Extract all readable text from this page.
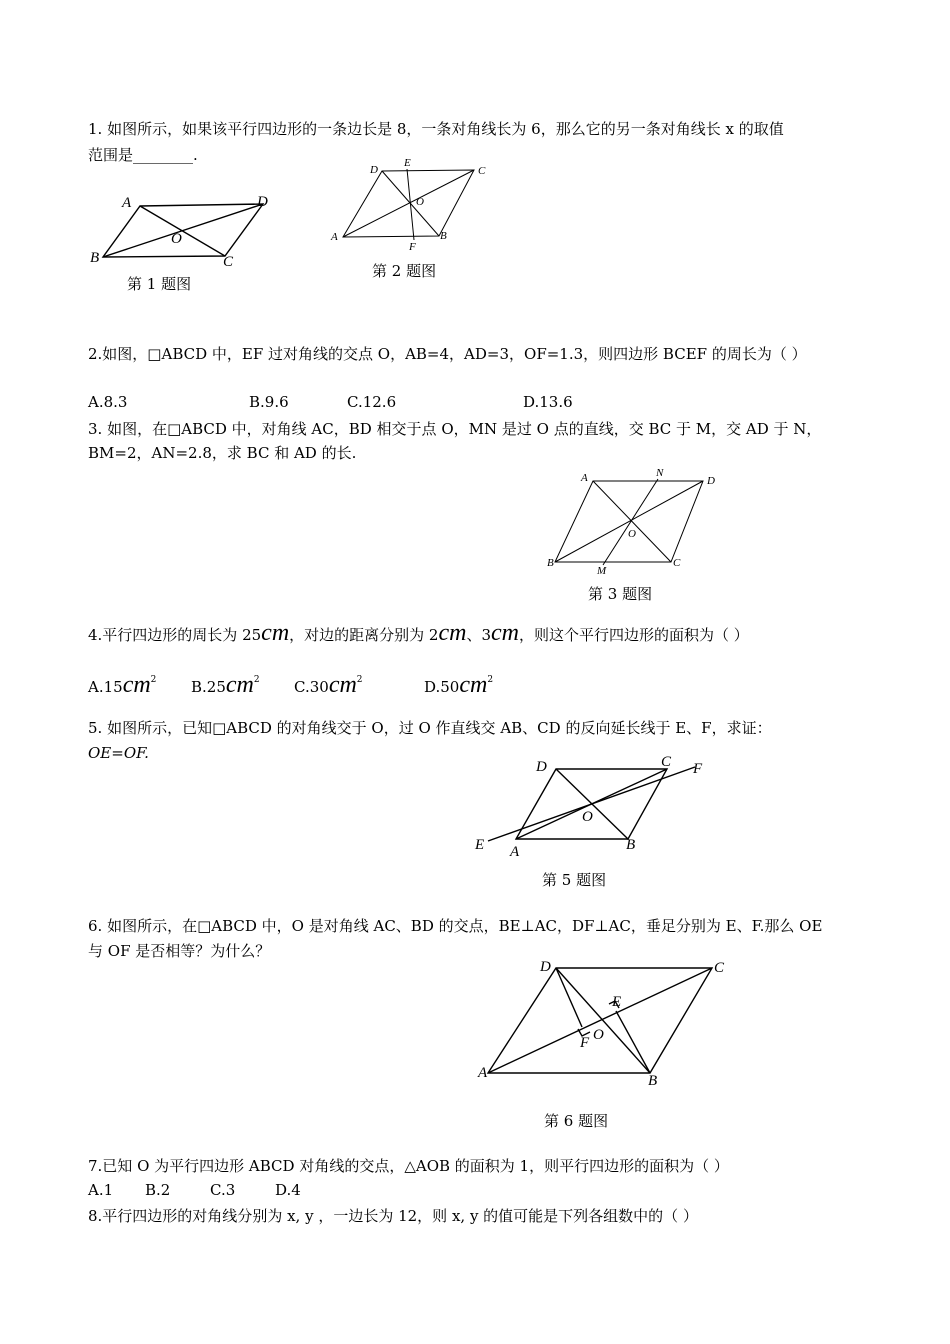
1. 如图所示，如果该平行四边形的一条边长是 8，一条对角线长为 6，那么它的另一条对角线长 x 的取值
范围是________.
A	D
B	C
O
第 1 题图
D
E
C
O
A
F
B
第 2 题图
2.如图，□ABCD 中，EF 过对角线的交点 O，AB=4，AD=3，OF=1.3，则四边形 BCEF 的周长为（ ）
A.8.3	B.9.6	C.12.6	D.13.6
3. 如图，在□ABCD 中，对角线 AC，BD 相交于点 O，MN 是过 O 点的直线，交 BC 于 M，交 AD 于 N，
BM=2，AN=2.8，求 BC 和 AD 的长.
A	N
D
O
B
M
C
第 3 题图
4.平行四边形的周长为 25cm，对边的距离分别为 2cm、3cm，则这个平行四边形的面积为（ ）
$A.15cm^2$ $B.25cm^2$ $C.30cm^2$	$D.50cm^2$
5. 如图所示，已知□ABCD 的对角线交于 O，过 O 作直线交 AB、CD 的反向延长线于 E、F，求证：
OE=OF.
D	C F
O
E A	B
第 5 题图
6. 如图所示，在□ABCD 中，O 是对角线 AC、BD 的交点，BE⊥AC，DF⊥AC，垂足分别为 E、F.那么 OE
与 OF 是否相等？为什么？
D	C
E
F O
A	B
第 6 题图
7.已知 O 为平行四边形 ABCD 对角线的交点，△AOB 的面积为 1，则平行四边形的面积为（ ）
A.1 B.2	C.3	D.4
8.平行四边形的对角线分别为 x, y ，一边长为 12，则 x, y 的值可能是下列各组数中的（ ）
